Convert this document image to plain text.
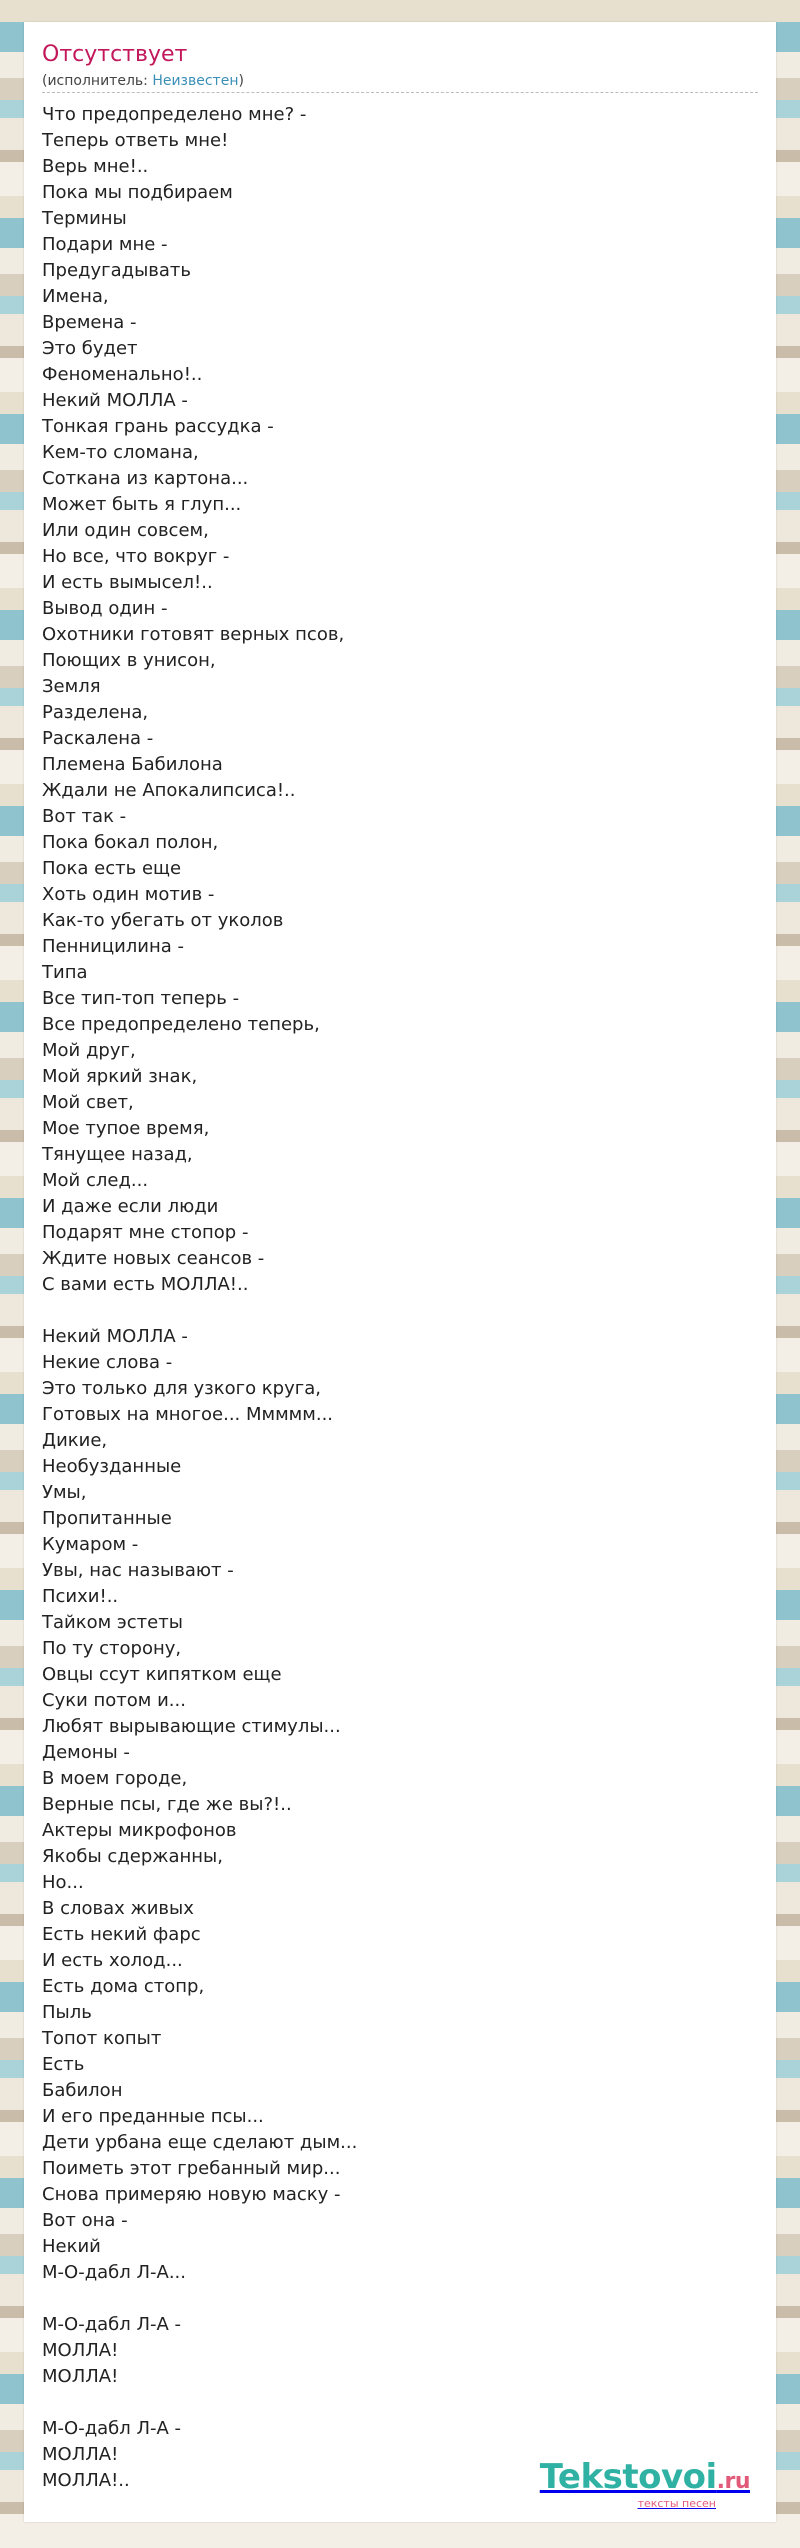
Отсутствует
(исполнитель: Неизвестен)
Что предопределено мне? -
Теперь ответь мне!
Верь мне!..
Пока мы подбираем
Термины
Подари мне -
Предугадывать
Имена,
Времена -
Это будет
Феноменально!..
Некий МОЛЛА -
Тонкая грань рассудка -
Кем-то сломана,
Соткана из картона...
Может быть я глуп...
Или один совсем,
Но все, что вокруг -
И есть вымысел!..
Вывод один -
Охотники готовят верных псов,
Поющих в унисон,
Земля
Разделена,
Раскалена -
Племена Бабилона
Ждали не Апокалипсиса!..
Вот так -
Пока бокал полон,
Пока есть еще
Хоть один мотив -
Как-то убегать от уколов
Пенницилина -
Типа
Все тип-топ теперь -
Все предопределено теперь,
Мой друг,
Мой яркий знак,
Мой свет,
Мое тупое время,
Тянущее назад,
Мой след...
И даже если люди
Подарят мне стопор -
Ждите новых сеансов -
С вами есть МОЛЛА!..
Некий МОЛЛА -
Некие слова -
Это только для узкого круга,
Готовых на многое... Ммммм...
Дикие,
Необузданные
Умы,
Пропитанные
Кумаром -
Увы, нас называют -
Психи!..
Тайком эстеты
По ту сторону,
Овцы ссут кипятком еще
Суки потом и...
Любят вырывающие стимулы...
Демоны -
В моем городе,
Верные псы, где же вы?!..
Актеры микрофонов
Якобы сдержанны,
Но...
В словах живых
Есть некий фарс
И есть холод...
Есть дома стопр,
Пыль
Топот копыт
Есть
Бабилон
И его преданные псы...
Дети урбана еще сделают дым...
Поиметь этот гребанный мир...
Снова примеряю новую маску -
Вот она -
Некий
М-О-дабл Л-А...
М-О-дабл Л-А -
МОЛЛА!
МОЛЛА!
М-О-дабл Л-А -
МОЛЛА!
МОЛЛА!..	Tekstovoi.ru
тексты песен
